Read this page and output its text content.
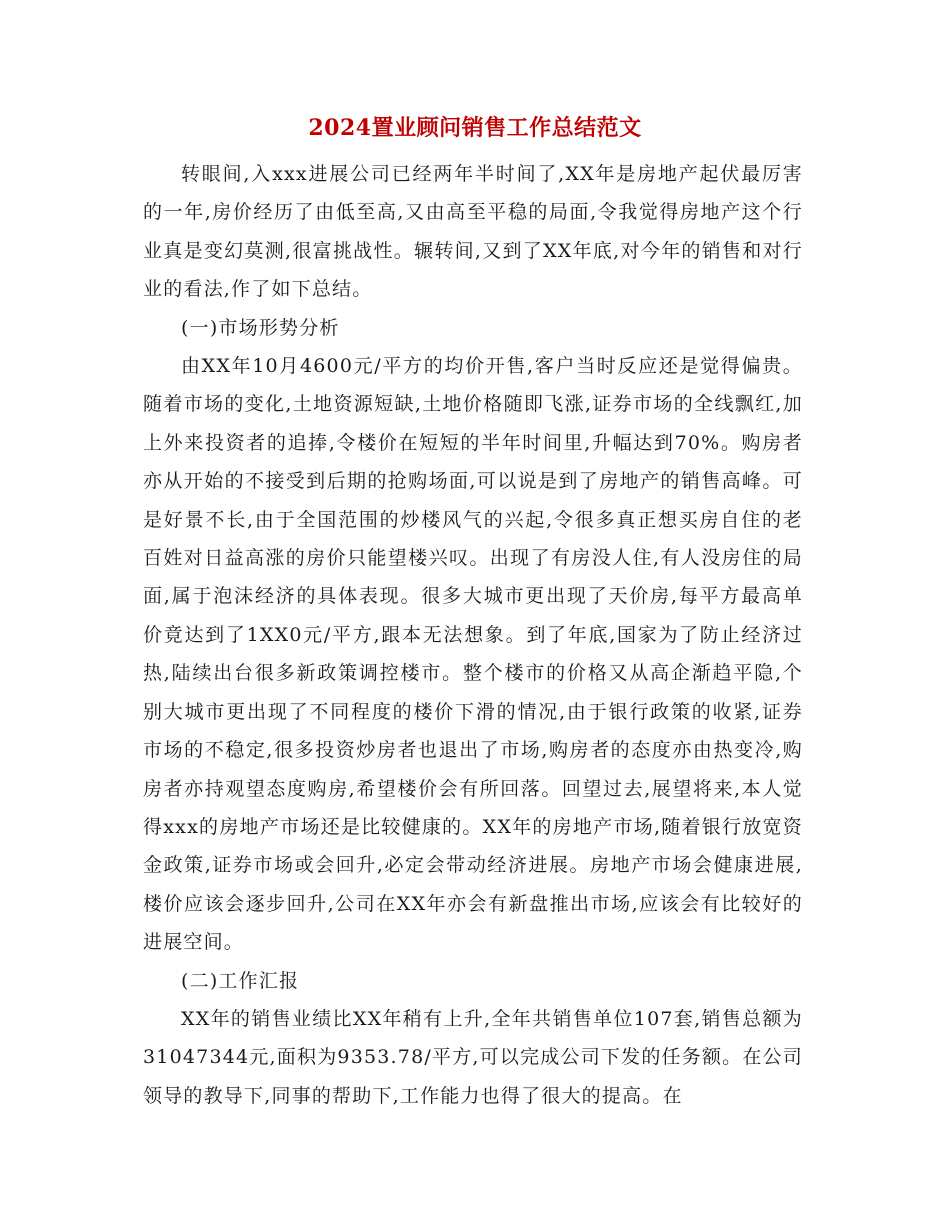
2024置业顾问销售工作总结范文

转眼间,入xxx进展公司已经两年半时间了,XX年是房地产起伏最厉害的一年,房价经历了由低至高,又由高至平稳的局面,令我觉得房地产这个行业真是变幻莫测,很富挑战性。辗转间,又到了XX年底,对今年的销售和对行业的看法,作了如下总结。

(一)市场形势分析

由XX年10月4600元/平方的均价开售,客户当时反应还是觉得偏贵。随着市场的变化,土地资源短缺,土地价格随即飞涨,证券市场的全线飘红,加上外来投资者的追捧,令楼价在短短的半年时间里,升幅达到70%。购房者亦从开始的不接受到后期的抢购场面,可以说是到了房地产的销售高峰。可是好景不长,由于全国范围的炒楼风气的兴起,令很多真正想买房自住的老百姓对日益高涨的房价只能望楼兴叹。出现了有房没人住,有人没房住的局面,属于泡沫经济的具体表现。很多大城市更出现了天价房,每平方最高单价竟达到了1XX0元/平方,跟本无法想象。到了年底,国家为了防止经济过热,陆续出台很多新政策调控楼市。整个楼市的价格又从高企渐趋平隐,个别大城市更出现了不同程度的楼价下滑的情况,由于银行政策的收紧,证券市场的不稳定,很多投资炒房者也退出了市场,购房者的态度亦由热变冷,购房者亦持观望态度购房,希望楼价会有所回落。回望过去,展望将来,本人觉得xxx的房地产市场还是比较健康的。XX年的房地产市场,随着银行放宽资金政策,证券市场或会回升,必定会带动经济进展。房地产市场会健康进展,楼价应该会逐步回升,公司在XX年亦会有新盘推出市场,应该会有比较好的进展空间。

(二)工作汇报

XX年的销售业绩比XX年稍有上升,全年共销售单位107套,销售总额为31047344元,面积为9353.78/平方,可以完成公司下发的任务额。在公司领导的教导下,同事的帮助下,工作能力也得了很大的提高。在
